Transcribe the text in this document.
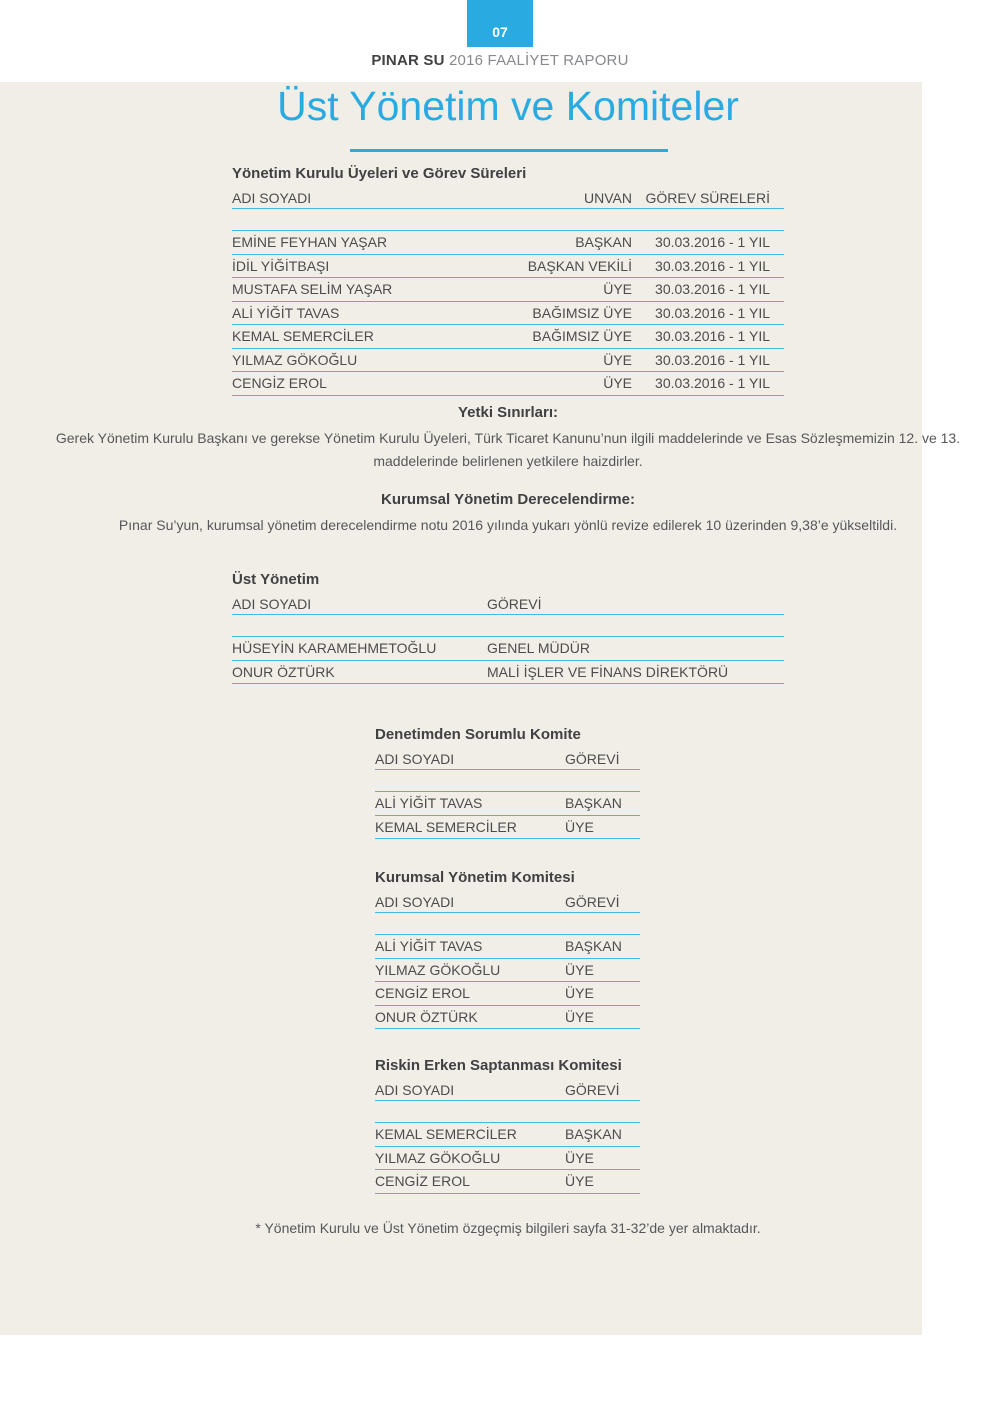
07
PINAR SU 2016 FAALİYET RAPORU
Üst Yönetim ve Komiteler
Yönetim Kurulu Üyeleri ve Görev Süreleri
ADI SOYADI	UNVAN GÖREV SÜRELERİ
EMİNE FEYHAN YAŞAR	BAŞKAN	30.03.2016 - 1 YIL
İDİL YİĞİTBAŞI	BAŞKAN VEKİLİ	30.03.2016 - 1 YIL
MUSTAFA SELİM YAŞAR	ÜYE	30.03.2016 - 1 YIL
ALİ YİĞİT TAVAS	BAĞIMSIZ ÜYE	30.03.2016 - 1 YIL
KEMAL SEMERCİLER	BAĞIMSIZ ÜYE	30.03.2016 - 1 YIL
YILMAZ GÖKOĞLU	ÜYE	30.03.2016 - 1 YIL
CENGİZ EROL	ÜYE	30.03.2016 - 1 YIL
Yetki Sınırları:
Gerek Yönetim Kurulu Başkanı ve gerekse Yönetim Kurulu Üyeleri, Türk Ticaret Kanunu’nun ilgili maddelerinde ve Esas Sözleşmemizin 12. ve 13. maddelerinde belirlenen yetkilere haizdirler.
Kurumsal Yönetim Derecelendirme:
Pınar Su’yun, kurumsal yönetim derecelendirme notu 2016 yılında yukarı yönlü revize edilerek 10 üzerinden 9,38’e yükseltildi.
Üst Yönetim
ADI SOYADI	GÖREVİ
HÜSEYİN KARAMEHMETOĞLU	GENEL MÜDÜR
ONUR ÖZTÜRK	MALİ İŞLER VE FİNANS DİREKTÖRÜ
Denetimden Sorumlu Komite
ADI SOYADI	GÖREVİ
ALİ YİĞİT TAVAS	BAŞKAN
KEMAL SEMERCİLER	ÜYE
Kurumsal Yönetim Komitesi
ADI SOYADI	GÖREVİ
ALİ YİĞİT TAVAS	BAŞKAN
YILMAZ GÖKOĞLU	ÜYE
CENGİZ EROL	ÜYE
ONUR ÖZTÜRK	ÜYE
Riskin Erken Saptanması Komitesi
ADI SOYADI	GÖREVİ
KEMAL SEMERCİLER	BAŞKAN
YILMAZ GÖKOĞLU	ÜYE
CENGİZ EROL	ÜYE
* Yönetim Kurulu ve Üst Yönetim özgeçmiş bilgileri sayfa 31-32’de yer almaktadır.
